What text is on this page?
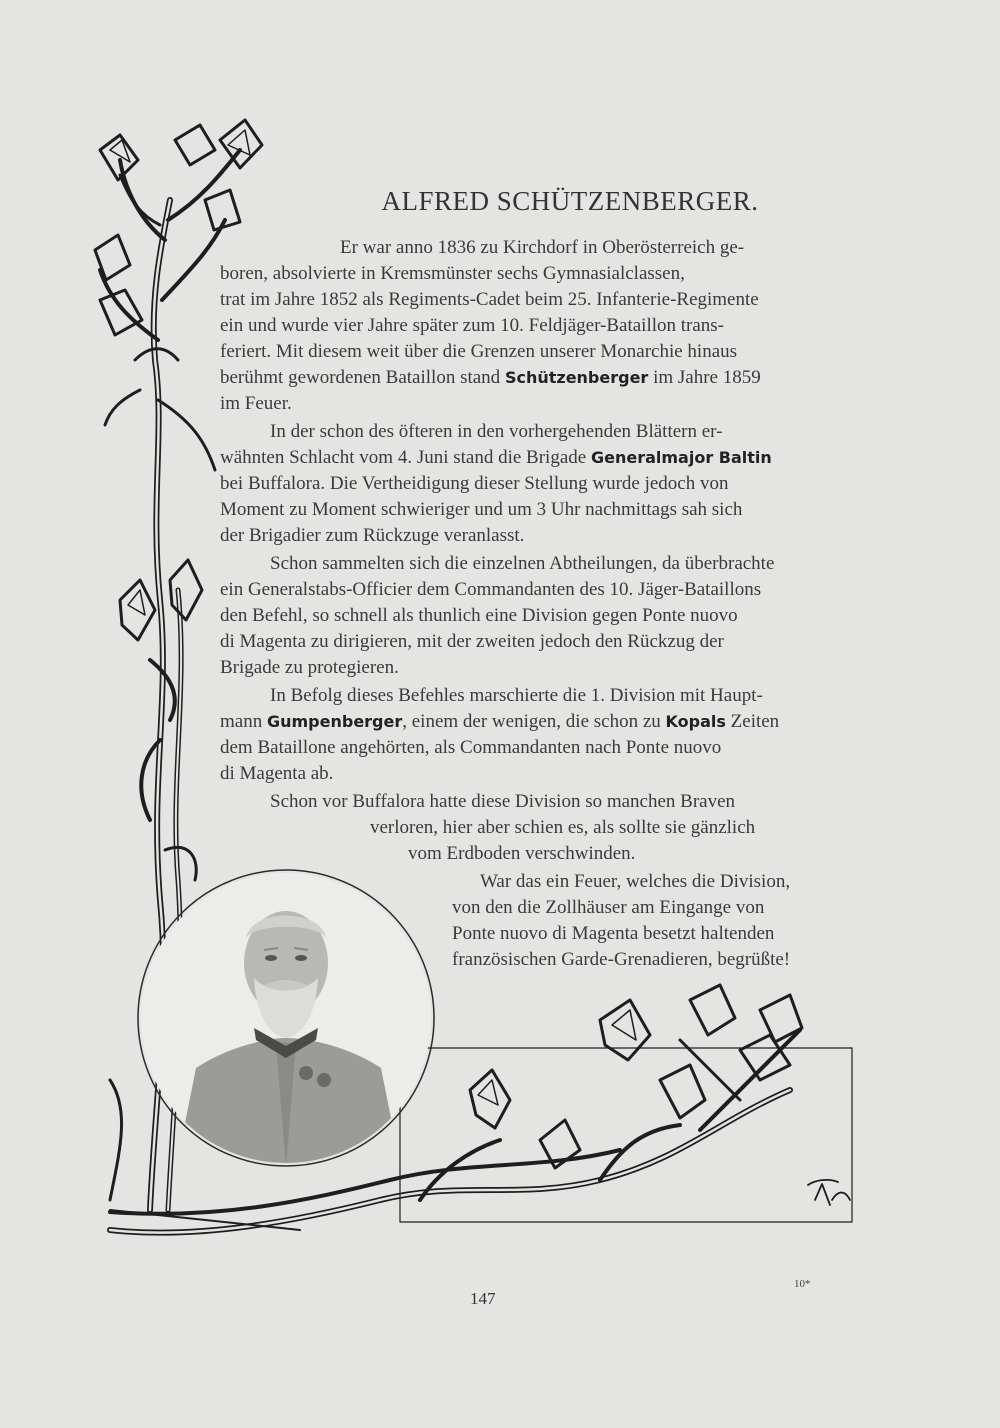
ALFRED SCHÜTZENBERGER.
Er war anno 1836 zu Kirchdorf in Oberösterreich ge-
boren, absolvierte in Kremsmünster sechs Gymnasialclassen,
trat im Jahre 1852 als Regiments-Cadet beim 25. Infanterie-Regimente
ein und wurde vier Jahre später zum 10. Feldjäger-Bataillon trans-
feriert. Mit diesem weit über die Grenzen unserer Monarchie hinaus
berühmt gewordenen Bataillon stand Schützenberger im Jahre 1859
im Feuer.
In der schon des öfteren in den vorhergehenden Blättern er-
wähnten Schlacht vom 4. Juni stand die Brigade Generalmajor Baltin
bei Buffalora. Die Vertheidigung dieser Stellung wurde jedoch von
Moment zu Moment schwieriger und um 3 Uhr nachmittags sah sich
der Brigadier zum Rückzuge veranlasst.
Schon sammelten sich die einzelnen Abtheilungen, da überbrachte
ein Generalstabs-Officier dem Commandanten des 10. Jäger-Bataillons
den Befehl, so schnell als thunlich eine Division gegen Ponte nuovo
di Magenta zu dirigieren, mit der zweiten jedoch den Rückzug der
Brigade zu protegieren.
In Befolg dieses Befehles marschierte die 1. Division mit Haupt-
mann Gumpenberger, einem der wenigen, die schon zu Kopals Zeiten
dem Bataillone angehörten, als Commandanten nach Ponte nuovo
di Magenta ab.
Schon vor Buffalora hatte diese Division so manchen Braven
verloren, hier aber schien es, als sollte sie gänzlich
vom Erdboden verschwinden.
War das ein Feuer, welches die Division,
von den die Zollhäuser am Eingange von
Ponte nuovo di Magenta besetzt haltenden
französischen Garde-Grenadieren, begrüßte!
147
10*
